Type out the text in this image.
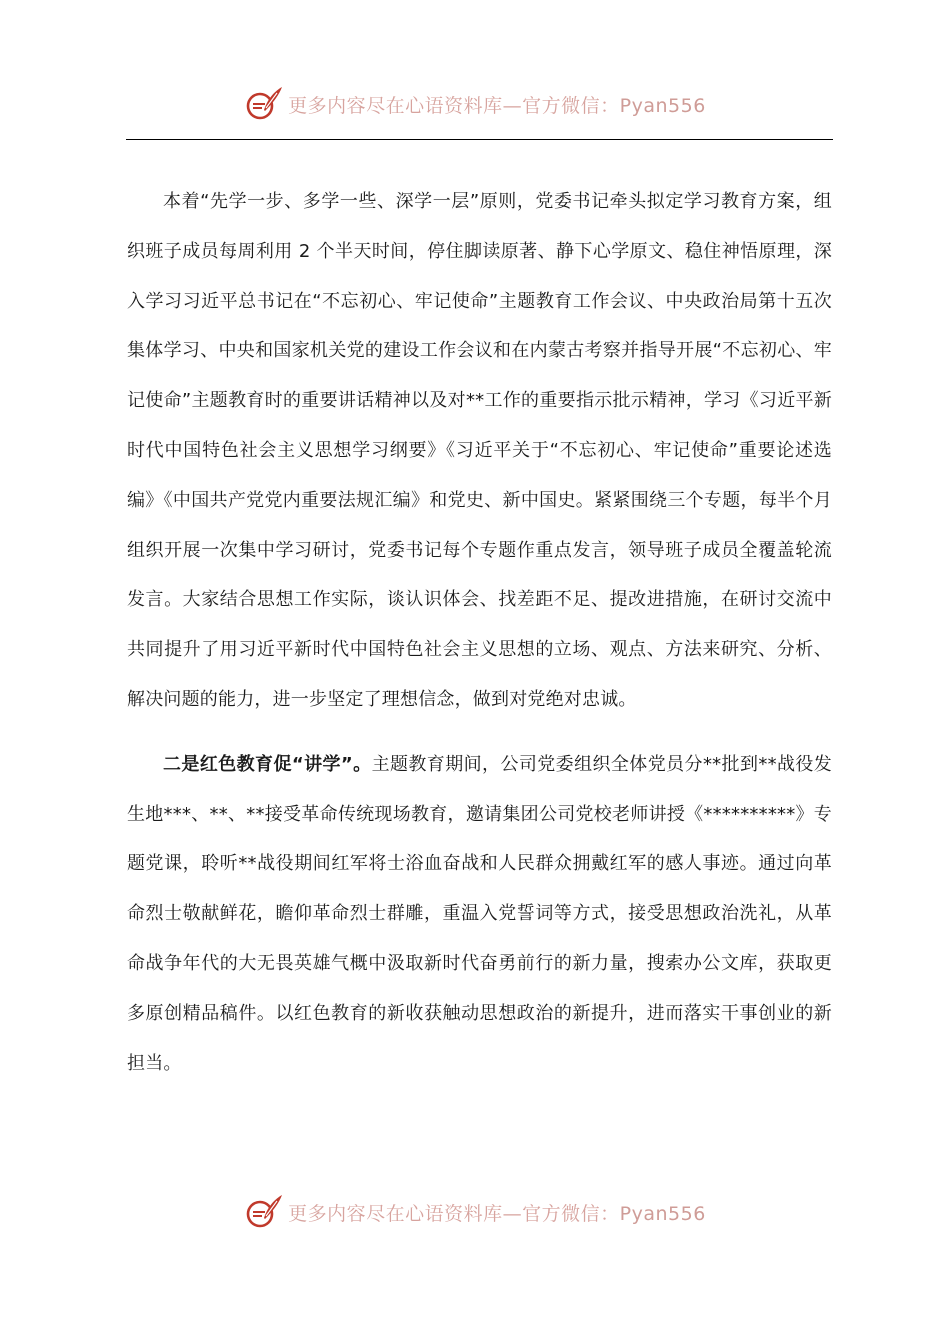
更多内容尽在心语资料库—官方微信：Pyan556

本着“先学一步、多学一些、深学一层”原则，党委书记牵头拟定学习教育方案，组织班子成员每周利用 2 个半天时间，停住脚读原著、静下心学原文、稳住神悟原理，深入学习习近平总书记在“不忘初心、牢记使命”主题教育工作会议、中央政治局第十五次集体学习、中央和国家机关党的建设工作会议和在内蒙古考察并指导开展“不忘初心、牢记使命”主题教育时的重要讲话精神以及对**工作的重要指示批示精神，学习《习近平新时代中国特色社会主义思想学习纲要》《习近平关于“不忘初心、牢记使命”重要论述选编》《中国共产党党内重要法规汇编》和党史、新中国史。紧紧围绕三个专题，每半个月组织开展一次集中学习研讨，党委书记每个专题作重点发言，领导班子成员全覆盖轮流发言。大家结合思想工作实际，谈认识体会、找差距不足、提改进措施，在研讨交流中共同提升了用习近平新时代中国特色社会主义思想的立场、观点、方法来研究、分析、解决问题的能力，进一步坚定了理想信念，做到对党绝对忠诚。

二是红色教育促“讲学”。主题教育期间，公司党委组织全体党员分**批到**战役发生地***、**、**接受革命传统现场教育，邀请集团公司党校老师讲授《**********》专题党课，聆听**战役期间红军将士浴血奋战和人民群众拥戴红军的感人事迹。通过向革命烈士敬献鲜花，瞻仰革命烈士群雕，重温入党誓词等方式，接受思想政治洗礼，从革命战争年代的大无畏英雄气概中汲取新时代奋勇前行的新力量，搜索办公文库，获取更多原创精品稿件。以红色教育的新收获触动思想政治的新提升，进而落实干事创业的新担当。

更多内容尽在心语资料库—官方微信：Pyan556
